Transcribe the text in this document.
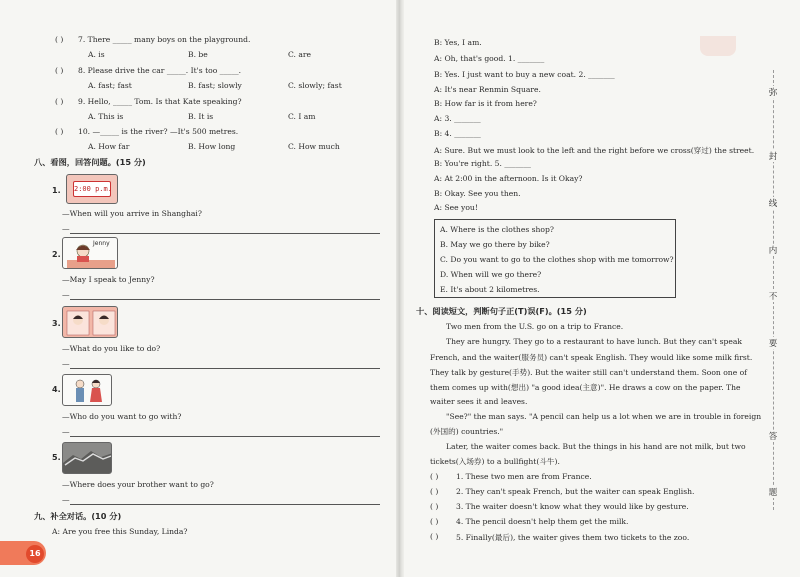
( ) 7. There _____ many boys on the playground.
A. is	B. be	C. are
( ) 8. Please drive the car _____. It's too _____.
A. fast; fast	B. fast; slowly	C. slowly; fast
( ) 9. Hello, _____ Tom. Is that Kate speaking?
A. This is	B. It is	C. I am
( ) 10. —_____ is the river? —It's 500 metres.
A. How far	B. How long	C. How much
八、看图，回答问题。(15 分)
1. 2:00 p.m.
—When will you arrive in Shanghai?
—
2.
Jenny
—May I speak to Jenny?
—
3.
—What do you like to do?
—
4.
—Who do you want to go with?
—
5.
—Where does your brother want to go?
—
九、补全对话。(10 分)
A: Are you free this Sunday, Linda?
16
B: Yes, I am.
A: Oh, that's good. 1. _______
B: Yes. I just want to buy a new coat. 2. _______
A: It's near Renmin Square.
B: How far is it from here?
A: 3. _______
B: 4. _______
A: Sure. But we must look to the left and the right before we cross(穿过) the street.
B: You're right. 5. _______
A: At 2:00 in the afternoon. Is it Okay?
B: Okay. See you then.
A: See you!
A. Where is the clothes shop?
B. May we go there by bike?
C. Do you want to go to the clothes shop with me tomorrow?
D. When will we go there?
E. It's about 2 kilometres.
十、阅读短文，判断句子正(T)误(F)。(15 分)
Two men from the U.S. go on a trip to France.
They are hungry. They go to a restaurant to have lunch. But they can't speak
French, and the waiter(服务员) can't speak English. They would like some milk first.
They talk by gesture(手势). But the waiter still can't understand them. Soon one of
them comes up with(想出) "a good idea(主意)". He draws a cow on the paper. The
waiter sees it and leaves.
"See?" the man says. "A pencil can help us a lot when we are in trouble in foreign
(外国的) countries."
Later, the waiter comes back. But the things in his hand are not milk, but two
tickets(入场券) to a bullfight(斗牛).
( ) 1. These two men are from France.
( ) 2. They can't speak French, but the waiter can speak English.
( ) 3. The waiter doesn't know what they would like by gesture.
( ) 4. The pencil doesn't help them get the milk.
( ) 5. Finally(最后), the waiter gives them two tickets to the zoo.
弥
封
线
内
不
要
答
题
